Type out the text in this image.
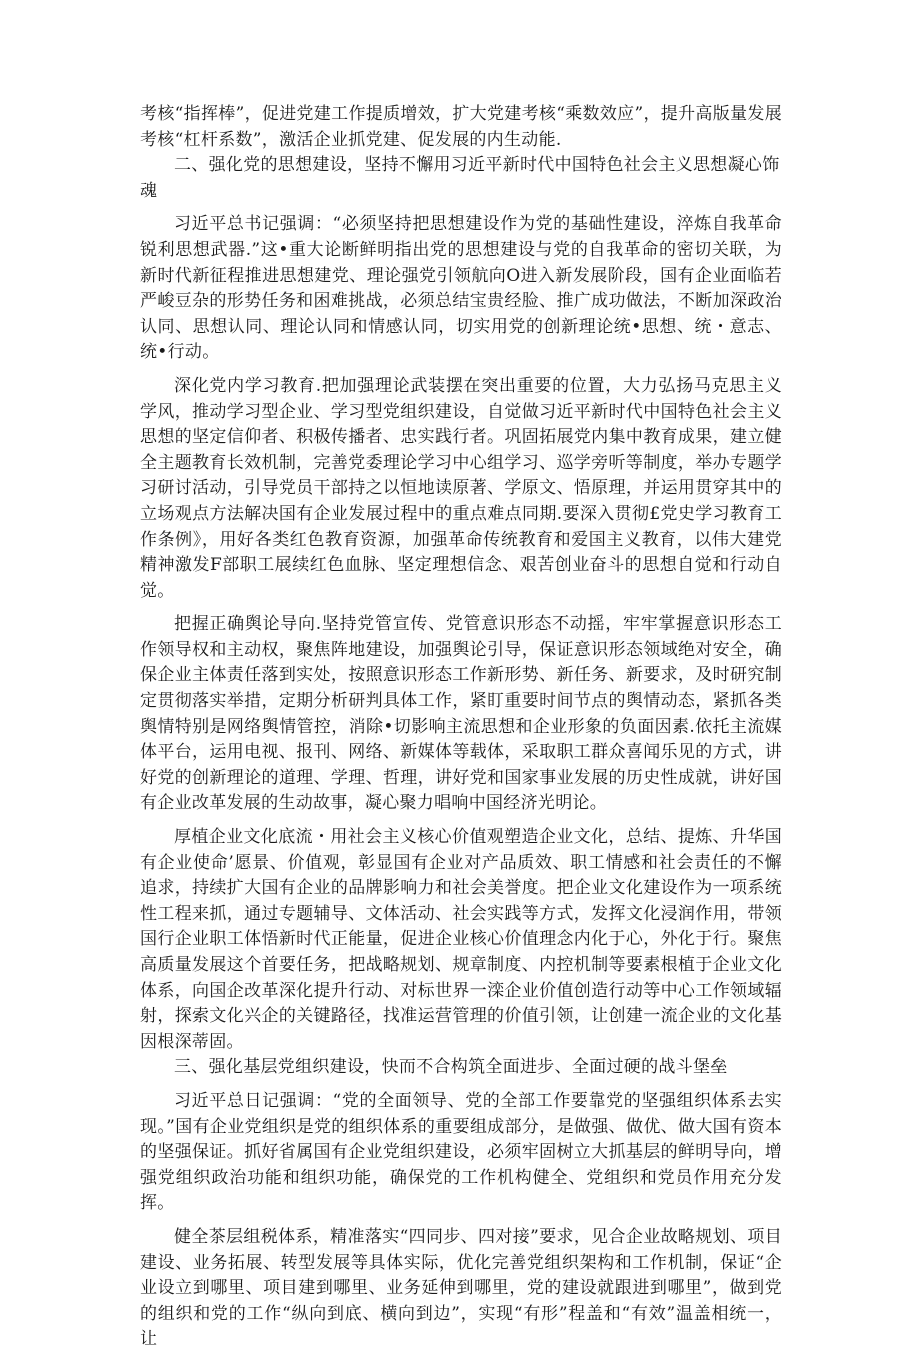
考核“指挥棒”，促进党建工作提质增效，扩大党建考核“乘数效应”，提升高版量发展考核“杠杆系数”，激活企业抓党建、促发展的内生动能.

二、强化党的思想建设，坚持不懈用习近平新时代中国特色社会主义思想凝心饰魂

习近平总书记强调：“必须坚持把思想建设作为党的基础性建设，淬炼自我革命锐利思想武器.”这•重大论断鲜明指出党的思想建设与党的自我革命的密切关联，为新时代新征程推进思想建党、理论强党引领航向O进入新发展阶段，国有企业面临若严峻豆杂的形势任务和困难挑战，必须总结宝贵经脸、推广成功做法，不断加深政治认同、思想认同、理论认同和情感认同，切实用党的创新理论统•思想、统・意志、统•行动。

深化党内学习教育.把加强理论武装摆在突出重要的位置，大力弘扬马克思主义学风，推动学习型企业、学习型党组织建设，自觉做习近平新时代中国特色社会主义思想的坚定信仰者、积极传播者、忠实践行者。巩固拓展党内集中教育成果，建立健全主题教育长效机制，完善党委理论学习中心组学习、巡学旁听等制度，举办专题学习研讨活动，引导党员干部持之以恒地读原著、学原文、悟原理，并运用贯穿其中的立场观点方法解决国有企业发展过程中的重点难点同期.要深入贯彻£党史学习教育工作条例》，用好各类红色教育资源，加强革命传统教育和爱国主义教育，以伟大建党精神激发F部职工展续红色血脉、坚定理想信念、艰苦创业奋斗的思想自觉和行动自觉。

把握正确舆论导向.坚持党管宣传、党管意识形态不动摇，牢牢掌握意识形态工作领导权和主动权，聚焦阵地建设，加强舆论引导，保证意识形态领域绝对安全，确保企业主体责任落到实处，按照意识形态工作新形势、新任务、新要求，及时研究制定贯彻落实举措，定期分析研判具体工作，紧盯重要时间节点的舆情动态，紧抓各类舆情特别是网络舆情管控，消除•切影响主流思想和企业形象的负面因素.依托主流媒体平台，运用电视、报刊、网络、新媒体等载体，采取职工群众喜闻乐见的方式，讲好党的创新理论的道理、学理、哲理，讲好党和国家事业发展的历史性成就，讲好国有企业改革发展的生动故事，凝心聚力唱响中国经济光明论。

厚植企业文化底流・用社会主义核心价值观塑造企业文化，总结、提炼、升华国有企业使命’愿景、价值观，彰显国有企业对产品质效、职工情感和社会责任的不懈追求，持续扩大国有企业的品牌影响力和社会美誉度。把企业文化建设作为一项系统性工程来抓，通过专题辅导、文体活动、社会实践等方式，发挥文化浸润作用，带领国行企业职工体悟新时代正能量，促进企业核心价值理念内化于心，外化于行。聚焦高质量发展这个首要任务，把战略规划、规章制度、内控机制等要素根植于企业文化体系，向国企改革深化提升行动、对标世界一滦企业价值创造行动等中心工作领域辐射，探索文化兴企的关键路径，找准运营管理的价值引领，让创建一流企业的文化基因根深蒂固。

三、强化基层党组织建设，快而不合构筑全面进步、全面过硬的战斗堡垒

习近平总日记强调：“党的全面领导、党的全部工作要靠党的坚强组织体系去实现。”国有企业党组织是党的组织体系的重要组成部分，是做强、做优、做大国有资本的坚强保证。抓好省属国有企业党组织建设，必须牢固树立大抓基层的鲜明导向，增强党组织政治功能和组织功能，确保党的工作机构健全、党组织和党员作用充分发挥。

健全茶层组税体系，精准落实“四同步、四对接”要求，见合企业故略规划、项目建设、业务拓展、转型发展等具体实际，优化完善党组织架构和工作机制，保证“企业设立到哪里、项目建到哪里、业务延伸到哪里，党的建设就跟进到哪里”，做到党的组织和党的工作“纵向到底、横向到边”，实现“有形”程盖和“有效”温盖相统一，让
